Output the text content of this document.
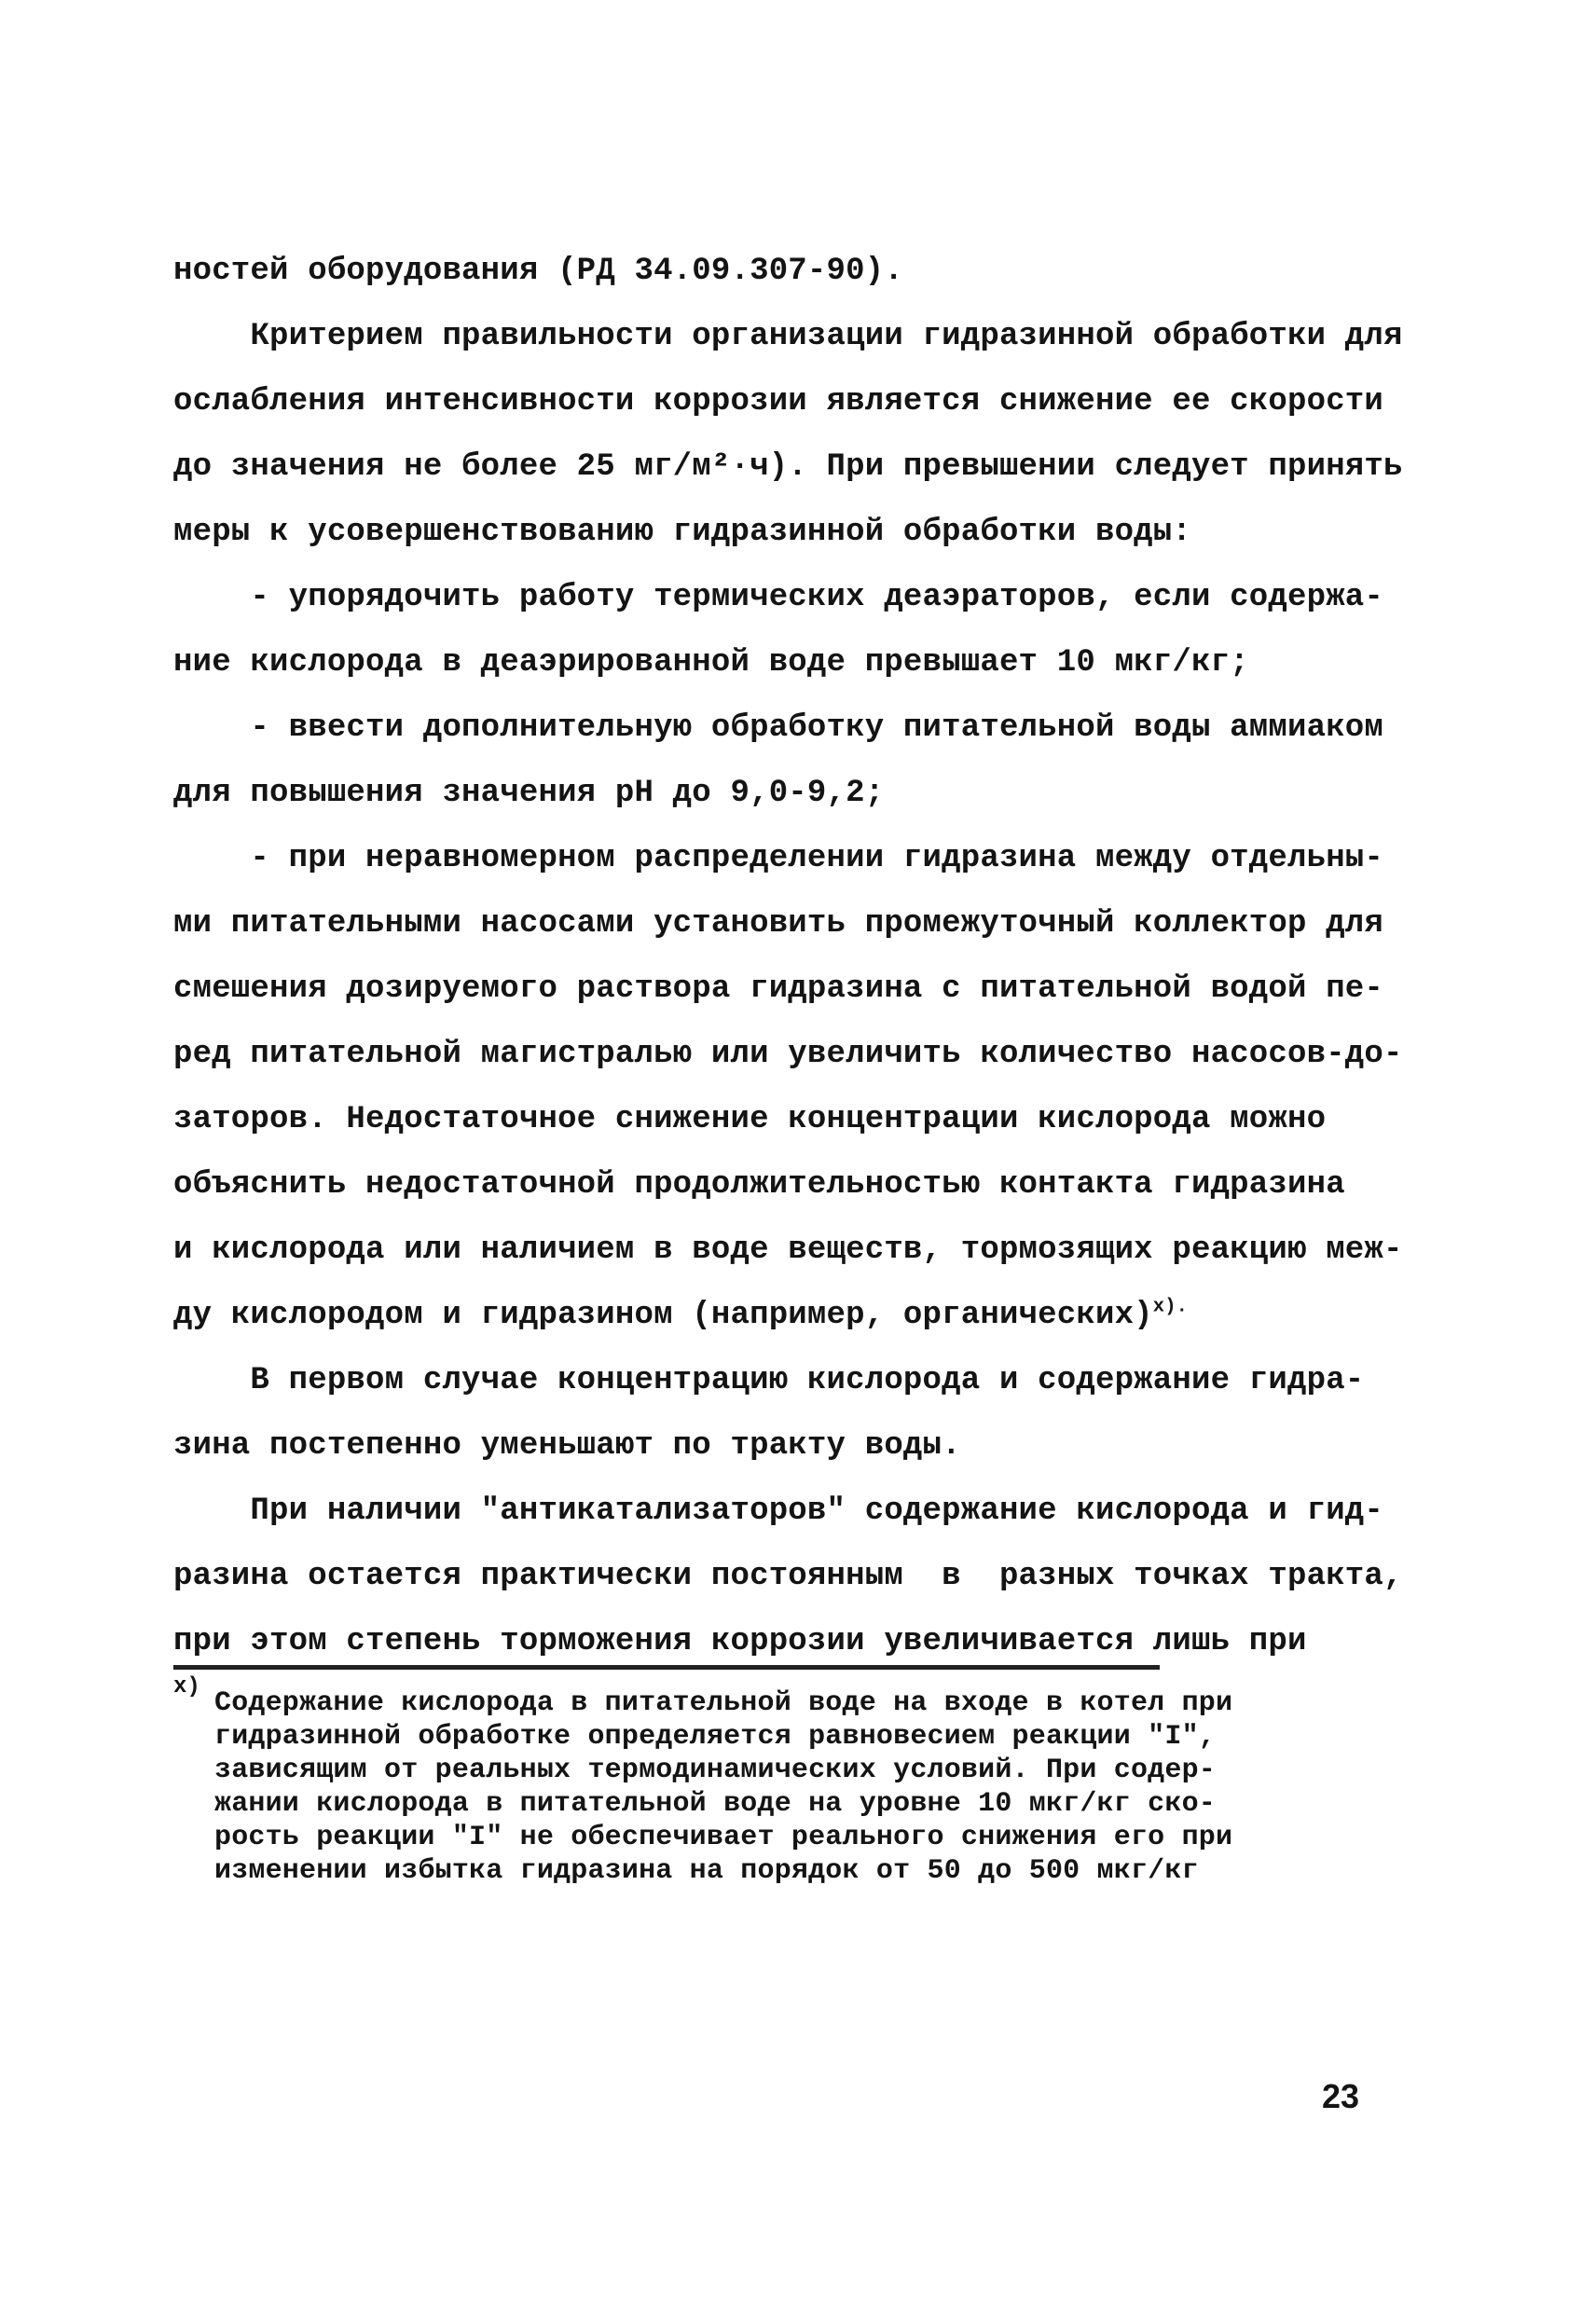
ностей оборудования (РД 34.09.307-90).
Критерием правильности организации гидразинной обработки для
ослабления интенсивности коррозии является снижение ее скорости
до значения не более 25 мг/м²·ч). При превышении следует принять
меры к усовершенствованию гидразинной обработки воды:
- упорядочить работу термических деаэраторов, если содержа-
ние кислорода в деаэрированной воде превышает 10 мкг/кг;
- ввести дополнительную обработку питательной воды аммиаком
для повышения значения pH до 9,0-9,2;
- при неравномерном распределении гидразина между отдельны-
ми питательными насосами установить промежуточный коллектор для
смешения дозируемого раствора гидразина с питательной водой пе-
ред питательной магистралью или увеличить количество насосов-до-
заторов. Недостаточное снижение концентрации кислорода можно
объяснить недостаточной продолжительностью контакта гидразина
и кислорода или наличием в воде веществ, тормозящих реакцию меж-
ду кислородом и гидразином (например, органических)$^{x).}$
В первом случае концентрацию кислорода и содержание гидра-
зина постепенно уменьшают по тракту воды.
При наличии "антикатализаторов" содержание кислорода и гид-
разина остается практически постоянным  в  разных точках тракта,
при этом степень торможения коррозии увеличивается лишь при
x)
Содержание кислорода в питательной воде на входе в котел при
гидразинной обработке определяется равновесием реакции "I",
зависящим от реальных термодинамических условий. При содер-
жании кислорода в питательной воде на уровне 10 мкг/кг ско-
рость реакции "I" не обеспечивает реального снижения его при
изменении избытка гидразина на порядок от 50 до 500 мкг/кг
23
